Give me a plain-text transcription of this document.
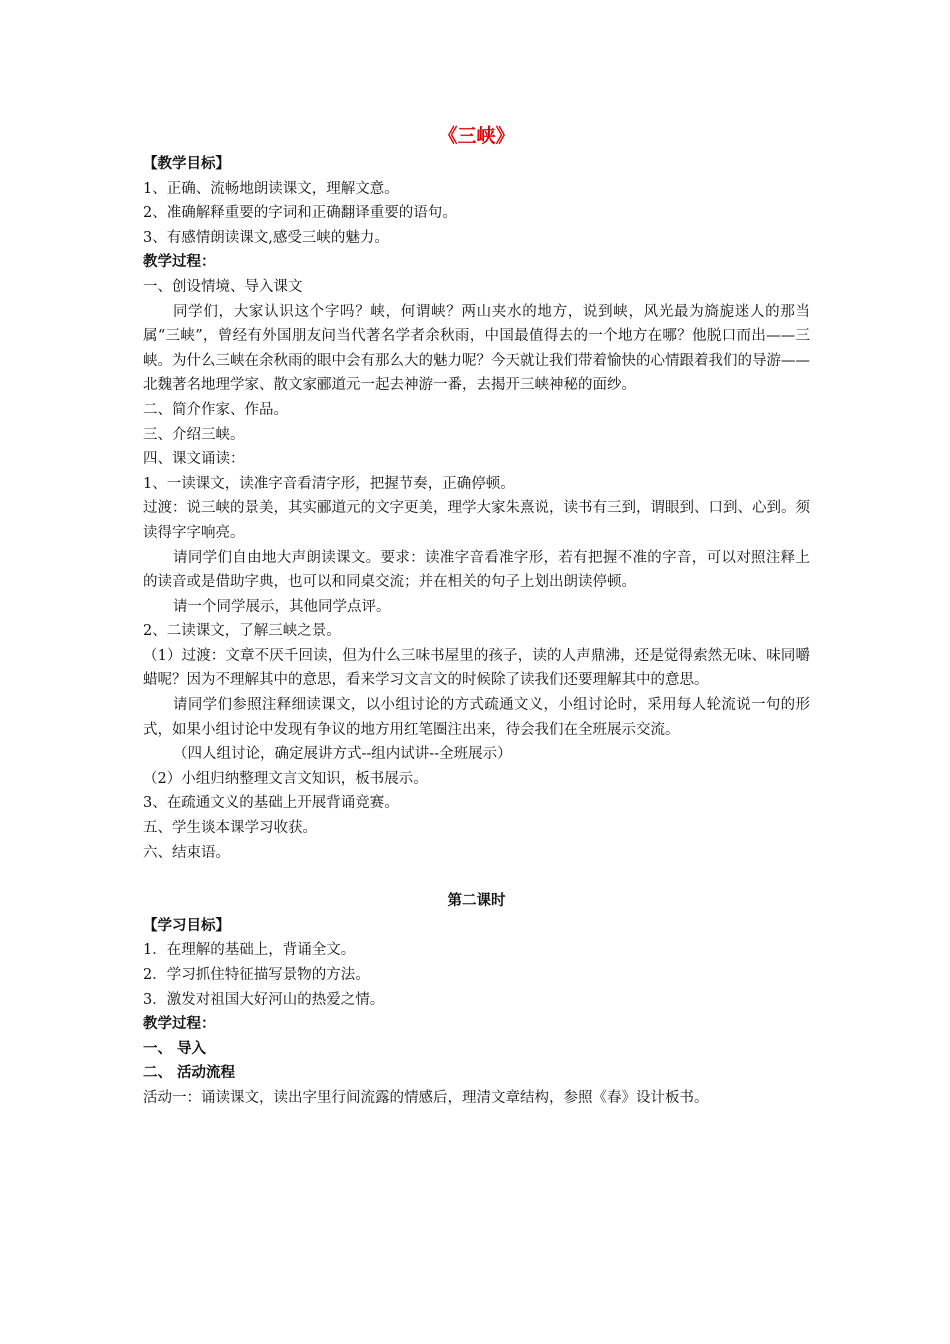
《三峡》
【教学目标】
1、正确、流畅地朗读课文，理解文意。
2、准确解释重要的字词和正确翻译重要的语句。
3、有感情朗读课文,感受三峡的魅力。
教学过程：
一、创设情境、导入课文
同学们，大家认识这个字吗？峡，何谓峡？两山夹水的地方，说到峡，风光最为旖旎迷人的那当属“三峡”，曾经有外国朋友问当代著名学者余秋雨，中国最值得去的一个地方在哪？他脱口而出——三峡。为什么三峡在余秋雨的眼中会有那么大的魅力呢？今天就让我们带着愉快的心情跟着我们的导游——北魏著名地理学家、散文家郦道元一起去神游一番，去揭开三峡神秘的面纱。
二、简介作家、作品。
三、介绍三峡。
四、课文诵读：
1、一读课文，读准字音看清字形，把握节奏，正确停顿。
过渡：说三峡的景美，其实郦道元的文字更美，理学大家朱熹说，读书有三到，谓眼到、口到、心到。须读得字字响亮。
请同学们自由地大声朗读课文。要求：读准字音看准字形，若有把握不准的字音，可以对照注释上的读音或是借助字典，也可以和同桌交流；并在相关的句子上划出朗读停顿。
请一个同学展示，其他同学点评。
2、二读课文，了解三峡之景。
（1）过渡：文章不厌千回读，但为什么三味书屋里的孩子，读的人声鼎沸，还是觉得索然无味、味同嚼蜡呢？因为不理解其中的意思，看来学习文言文的时候除了读我们还要理解其中的意思。
请同学们参照注释细读课文，以小组讨论的方式疏通文义，小组讨论时，采用每人轮流说一句的形式，如果小组讨论中发现有争议的地方用红笔圈注出来，待会我们在全班展示交流。
（四人组讨论，确定展讲方式--组内试讲--全班展示）
（2）小组归纳整理文言文知识，板书展示。
3、在疏通文义的基础上开展背诵竞赛。
五、学生谈本课学习收获。
六、结束语。
第二课时
【学习目标】
1．在理解的基础上，背诵全文。
2．学习抓住特征描写景物的方法。
3．激发对祖国大好河山的热爱之情。
教学过程：
一、 导入
二、 活动流程
活动一：诵读课文，读出字里行间流露的情感后，理清文章结构，参照《春》设计板书。
